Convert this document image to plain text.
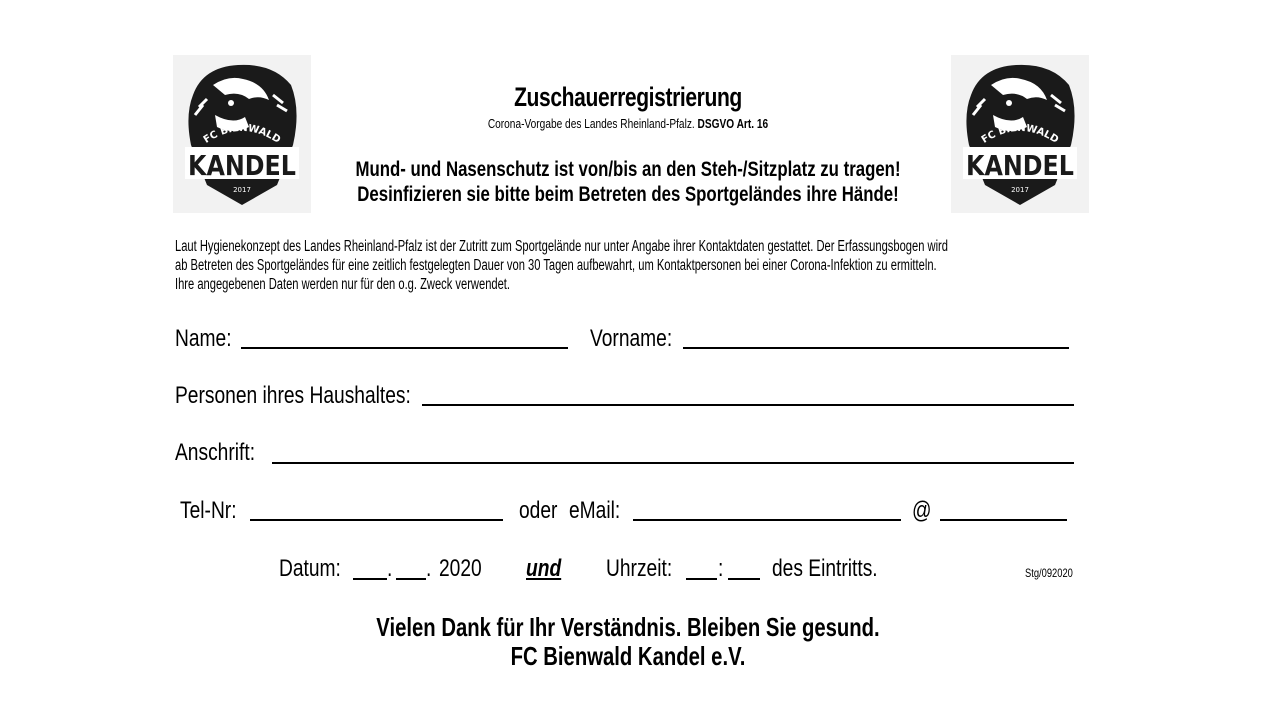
Zuschauerregistrierung
Corona-Vorgabe des Landes Rheinland-Pfalz. DSGVO Art. 16
Mund- und Nasenschutz ist von/bis an den Steh-/Sitzplatz zu tragen!
Desinfizieren sie bitte beim Betreten des Sportgeländes ihre Hände!
FC BIENWALD
KANDEL
2017
FC BIENWALD
KANDEL
2017
Laut Hygienekonzept des Landes Rheinland-Pfalz ist der Zutritt zum Sportgelände nur unter Angabe ihrer Kontaktdaten gestattet. Der Erfassungsbogen wird
ab Betreten des Sportgeländes für eine zeitlich festgelegten Dauer von 30 Tagen aufbewahrt, um Kontaktpersonen bei einer Corona-Infektion zu ermitteln.
Ihre angegebenen Daten werden nur für den o.g. Zweck verwendet.
Name:	Vorname:
Personen ihres Haushaltes:
Anschrift:
Tel-Nr:	oder eMail:	@
Datum: . . 2020 und Uhrzeit: : des Eintritts.	Stg/092020
Vielen Dank für Ihr Verständnis. Bleiben Sie gesund.
FC Bienwald Kandel e.V.
